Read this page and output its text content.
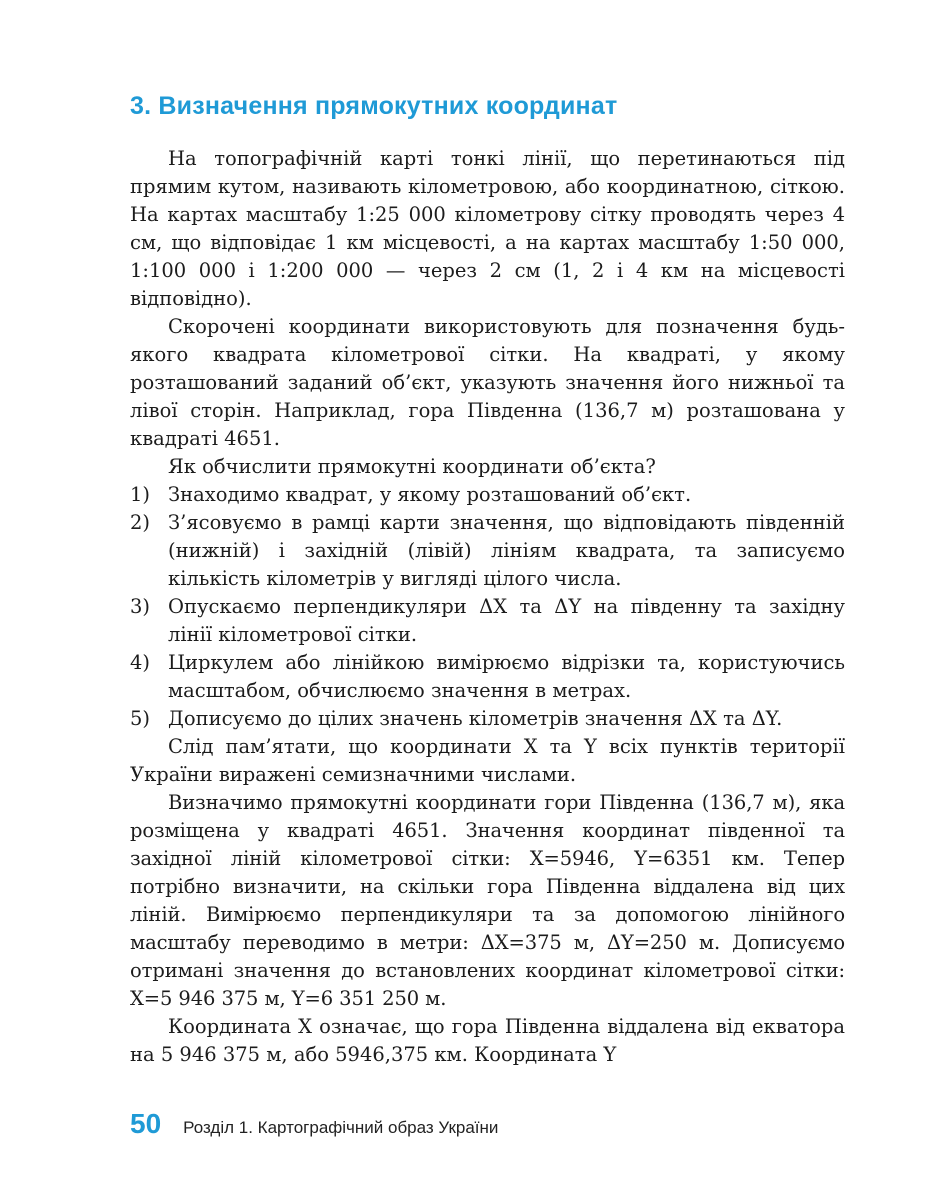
3. Визначення прямокутних координат

На топографічній карті тонкі лінії, що перетинаються під прямим кутом, називають кілометровою, або координатною, сіткою. На картах масштабу 1:25 000 кілометрову сітку проводять через 4 см, що відповідає 1 км місцевості, а на картах масштабу 1:50 000, 1:100 000 і 1:200 000 — через 2 см (1, 2 і 4 км на місцевості відповідно).

Скорочені координати використовують для позначення будь-якого квадрата кілометрової сітки. На квадраті, у якому розташований заданий об’єкт, указують значення його нижньої та лівої сторін. Наприклад, гора Південна (136,7 м) розташована у квадраті 4651.

Як обчислити прямокутні координати об’єкта?

1) Знаходимо квадрат, у якому розташований об’єкт.
2) З’ясовуємо в рамці карти значення, що відповідають південній (нижній) і західній (лівій) лініям квадрата, та записуємо кількість кілометрів у вигляді цілого числа.
3) Опускаємо перпендикуляри ΔX та ΔY на південну та західну лінії кілометрової сітки.
4) Циркулем або лінійкою вимірюємо відрізки та, користуючись масштабом, обчислюємо значення в метрах.
5) Дописуємо до цілих значень кілометрів значення ΔX та ΔY.

Слід пам’ятати, що координати X та Y всіх пунктів території України виражені семизначними числами.

Визначимо прямокутні координати гори Південна (136,7 м), яка розміщена у квадраті 4651. Значення координат південної та західної ліній кілометрової сітки: X=5946, Y=6351 км. Тепер потрібно визначити, на скільки гора Південна віддалена від цих ліній. Вимірюємо перпендикуляри та за допомогою лінійного масштабу переводимо в метри: ΔX=375 м, ΔY=250 м. Дописуємо отримані значення до встановлених координат кілометрової сітки: X=5 946 375 м, Y=6 351 250 м.

Координата X означає, що гора Південна віддалена від екватора на 5 946 375 м, або 5946,375 км. Координата Y

50 Розділ 1. Картографічний образ України
